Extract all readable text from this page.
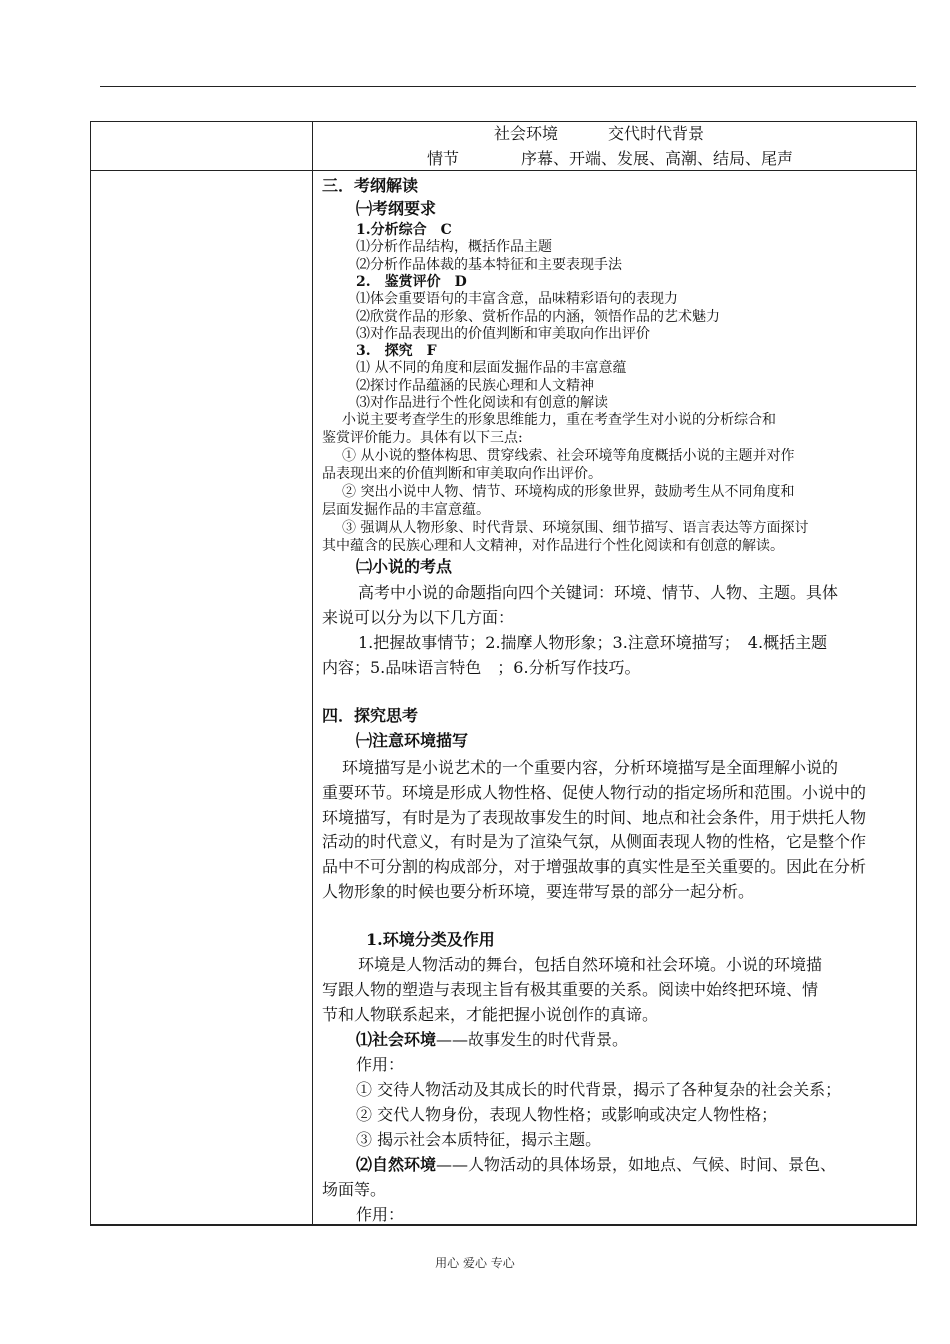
社会环境	交代时代背景
情节	序幕、开端、发展、高潮、结局、尾声
三．考纲解读
㈠考纲要求
1.分析综合　C
⑴分析作品结构，概括作品主题
⑵分析作品体裁的基本特征和主要表现手法
2.　鉴赏评价　D
⑴体会重要语句的丰富含意，品味精彩语句的表现力
⑵欣赏作品的形象、赏析作品的内涵，领悟作品的艺术魅力
⑶对作品表现出的价值判断和审美取向作出评价
3.　探究　F
⑴ 从不同的角度和层面发掘作品的丰富意蕴
⑵探讨作品蕴涵的民族心理和人文精神
⑶对作品进行个性化阅读和有创意的解读
小说主要考查学生的形象思维能力，重在考查学生对小说的分析综合和
鉴赏评价能力。具体有以下三点:
① 从小说的整体构思、贯穿线索、社会环境等角度概括小说的主题并对作
品表现出来的价值判断和审美取向作出评价。
② 突出小说中人物、情节、环境构成的形象世界，鼓励考生从不同角度和
层面发掘作品的丰富意蕴。
③ 强调从人物形象、时代背景、环境氛围、细节描写、语言表达等方面探讨
其中蕴含的民族心理和人文精神，对作品进行个性化阅读和有创意的解读。
㈡小说的考点
高考中小说的命题指向四个关键词：环境、情节、人物、主题。具体
来说可以分为以下几方面：
1.把握故事情节；2.揣摩人物形象；3.注意环境描写；　4.概括主题
内容；5.品味语言特色　；6.分析写作技巧。
四．探究思考
㈠注意环境描写
环境描写是小说艺术的一个重要内容，分析环境描写是全面理解小说的
重要环节。环境是形成人物性格、促使人物行动的指定场所和范围。小说中的
环境描写，有时是为了表现故事发生的时间、地点和社会条件，用于烘托人物
活动的时代意义，有时是为了渲染气氛，从侧面表现人物的性格，它是整个作
品中不可分割的构成部分，对于增强故事的真实性是至关重要的。因此在分析
人物形象的时候也要分析环境，要连带写景的部分一起分析。
1.环境分类及作用
环境是人物活动的舞台，包括自然环境和社会环境。小说的环境描
写跟人物的塑造与表现主旨有极其重要的关系。阅读中始终把环境、情
节和人物联系起来，才能把握小说创作的真谛。
⑴社会环境——故事发生的时代背景。
作用：
① 交待人物活动及其成长的时代背景，揭示了各种复杂的社会关系；
② 交代人物身份，表现人物性格；或影响或决定人物性格；
③ 揭示社会本质特征，揭示主题。
⑵自然环境——人物活动的具体场景，如地点、气候、时间、景色、
场面等。
作用：
用心 爱心 专心
